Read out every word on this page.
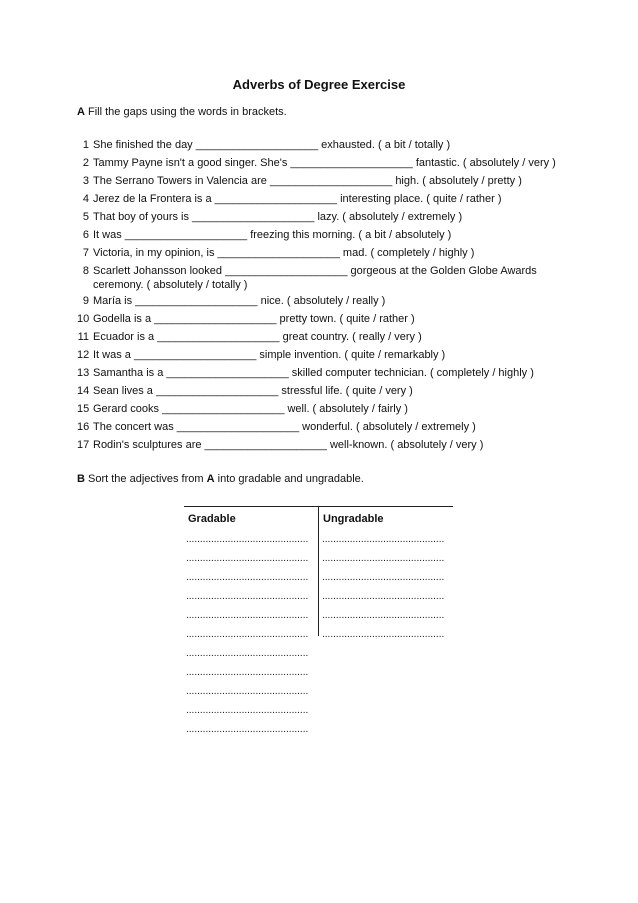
Adverbs of Degree Exercise
A Fill the gaps using the words in brackets.
1 She finished the day ____________________ exhausted. ( a bit / totally )
2 Tammy Payne isn't a good singer. She's ____________________ fantastic. ( absolutely / very )
3 The Serrano Towers in Valencia are ____________________ high. ( absolutely / pretty )
4 Jerez de la Frontera is a ____________________ interesting place. ( quite / rather )
5 That boy of yours is ____________________ lazy. ( absolutely / extremely )
6 It was ____________________ freezing this morning. ( a bit / absolutely )
7 Victoria, in my opinion, is ____________________ mad. ( completely / highly )
8 Scarlett Johansson looked ____________________ gorgeous at the Golden Globe Awards
ceremony. ( absolutely / totally )
9 María is ____________________ nice. ( absolutely / really )
10 Godella is a ____________________ pretty town. ( quite / rather )
11 Ecuador is a ____________________ great country. ( really / very )
12 It was a ____________________ simple invention. ( quite / remarkably )
13 Samantha is a ____________________ skilled computer technician. ( completely / highly )
14 Sean lives a ____________________ stressful life. ( quite / very )
15 Gerard cooks ____________________ well. ( absolutely / fairly )
16 The concert was ____________________ wonderful. ( absolutely / extremely )
17 Rodin's sculptures are ____________________ well-known. ( absolutely / very )
B Sort the adjectives from A into gradable and ungradable.
Gradable	Ungradable
............................................ ............................................
............................................ ............................................
............................................ ............................................
............................................ ............................................
............................................ ............................................
............................................ ............................................
............................................
............................................
............................................
............................................
............................................
